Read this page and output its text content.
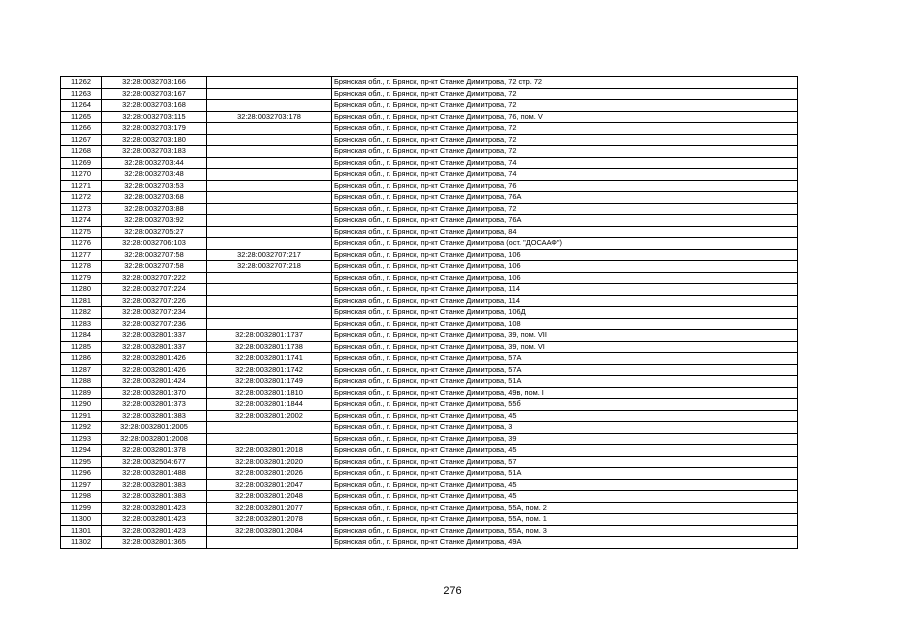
11262	32:28:0032703:166		Брянская обл., г. Брянск, пр-кт Станке Димитрова, 72 стр. 72
11263	32:28:0032703:167		Брянская обл., г. Брянск, пр-кт Станке Димитрова, 72
11264	32:28:0032703:168		Брянская обл., г. Брянск, пр-кт Станке Димитрова, 72
11265	32:28:0032703:115	32:28:0032703:178	Брянская обл., г. Брянск, пр-кт Станке Димитрова, 76, пом. V
11266	32:28:0032703:179		Брянская обл., г. Брянск, пр-кт Станке Димитрова, 72
11267	32:28:0032703:180		Брянская обл., г. Брянск, пр-кт Станке Димитрова, 72
11268	32:28:0032703:183		Брянская обл., г. Брянск, пр-кт Станке Димитрова, 72
11269	32:28:0032703:44		Брянская обл., г. Брянск, пр-кт Станке Димитрова, 74
11270	32:28:0032703:48		Брянская обл., г. Брянск, пр-кт Станке Димитрова, 74
11271	32:28:0032703:53		Брянская обл., г. Брянск, пр-кт Станке Димитрова, 76
11272	32:28:0032703:68		Брянская обл., г. Брянск, пр-кт Станке Димитрова, 76А
11273	32:28:0032703:88		Брянская обл., г. Брянск, пр-кт Станке Димитрова, 72
11274	32:28:0032703:92		Брянская обл., г. Брянск, пр-кт Станке Димитрова, 76А
11275	32:28:0032705:27		Брянская обл., г. Брянск, пр-кт Станке Димитрова, 84
11276	32:28:0032706:103		Брянская обл., г. Брянск, пр-кт Станке Димитрова (ост. "ДОСААФ")
11277	32:28:0032707:58	32:28:0032707:217	Брянская обл., г. Брянск, пр-кт Станке Димитрова, 106
11278	32:28:0032707:58	32:28:0032707:218	Брянская обл., г. Брянск, пр-кт Станке Димитрова, 106
11279	32:28:0032707:222		Брянская обл., г. Брянск, пр-кт Станке Димитрова, 106
11280	32:28:0032707:224		Брянская обл., г. Брянск, пр-кт Станке Димитрова, 114
11281	32:28:0032707:226		Брянская обл., г. Брянск, пр-кт Станке Димитрова, 114
11282	32:28:0032707:234		Брянская обл., г. Брянск, пр-кт Станке Димитрова, 106Д
11283	32:28:0032707:236		Брянская обл., г. Брянск, пр-кт Станке Димитрова, 108
11284	32:28:0032801:337	32:28:0032801:1737	Брянская обл., г. Брянск, пр-кт Станке Димитрова, 39, пом. VII
11285	32:28:0032801:337	32:28:0032801:1738	Брянская обл., г. Брянск, пр-кт Станке Димитрова, 39, пом. VI
11286	32:28:0032801:426	32:28:0032801:1741	Брянская обл., г. Брянск, пр-кт Станке Димитрова, 57А
11287	32:28:0032801:426	32:28:0032801:1742	Брянская обл., г. Брянск, пр-кт Станке Димитрова, 57А
11288	32:28:0032801:424	32:28:0032801:1749	Брянская обл., г. Брянск, пр-кт Станке Димитрова, 51А
11289	32:28:0032801:370	32:28:0032801:1810	Брянская обл., г. Брянск, пр-кт Станке Димитрова, 49в, пом. I
11290	32:28:0032801:373	32:28:0032801:1844	Брянская обл., г. Брянск, пр-кт Станке Димитрова, 55б
11291	32:28:0032801:383	32:28:0032801:2002	Брянская обл., г. Брянск, пр-кт Станке Димитрова, 45
11292	32:28:0032801:2005		Брянская обл., г. Брянск, пр-кт Станке Димитрова, 3
11293	32:28:0032801:2008		Брянская обл., г. Брянск, пр-кт Станке Димитрова, 39
11294	32:28:0032801:378	32:28:0032801:2018	Брянская обл., г. Брянск, пр-кт Станке Димитрова, 45
11295	32:28:0032504:677	32:28:0032801:2020	Брянская обл., г. Брянск, пр-кт Станке Димитрова, 57
11296	32:28:0032801:488	32:28:0032801:2026	Брянская обл., г. Брянск, пр-кт Станке Димитрова, 51А
11297	32:28:0032801:383	32:28:0032801:2047	Брянская обл., г. Брянск, пр-кт Станке Димитрова, 45
11298	32:28:0032801:383	32:28:0032801:2048	Брянская обл., г. Брянск, пр-кт Станке Димитрова, 45
11299	32:28:0032801:423	32:28:0032801:2077	Брянская обл., г. Брянск, пр-кт Станке Димитрова, 55А, пом. 2
11300	32:28:0032801:423	32:28:0032801:2078	Брянская обл., г. Брянск, пр-кт Станке Димитрова, 55А, пом. 1
11301	32:28:0032801:423	32:28:0032801:2084	Брянская обл., г. Брянск, пр-кт Станке Димитрова, 55А, пом. 3
11302	32:28:0032801:365		Брянская обл., г. Брянск, пр-кт Станке Димитрова, 49А
276
